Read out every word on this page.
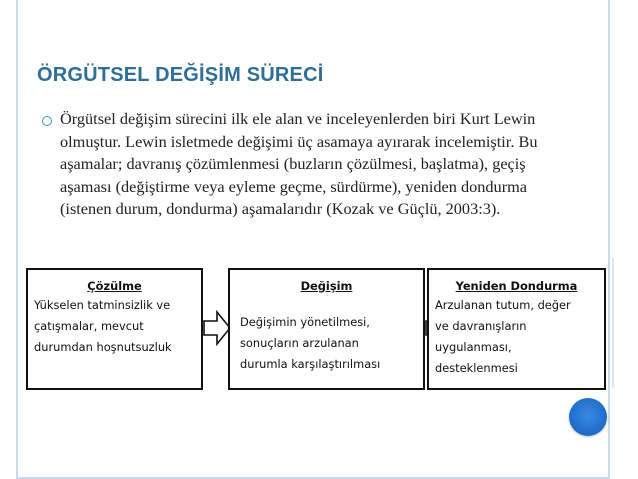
ÖRGÜTSEL DEĞİŞİM SÜRECİ
Örgütsel değişim sürecini ilk ele alan ve inceleyenlerden biri Kurt Lewin olmuştur. Lewin isletmede değişimi üç asamaya ayırarak incelemiştir. Bu aşamalar; davranış çözümlenmesi (buzların çözülmesi, başlatma), geçiş aşaması (değiştirme veya eyleme geçme, sürdürme), yeniden dondurma (istenen durum, dondurma) aşamalarıdır (Kozak ve Güçlü, 2003:3).
Çözülme
Yükselen tatminsizlik ve
çatışmalar, mevcut
durumdan hoşnutsuzluk
Değişim
Değişimin yönetilmesi,
sonuçların arzulanan
durumla karşılaştırılması
Yeniden Dondurma
Arzulanan tutum, değer
ve davranışların
uygulanması,
desteklenmesi
